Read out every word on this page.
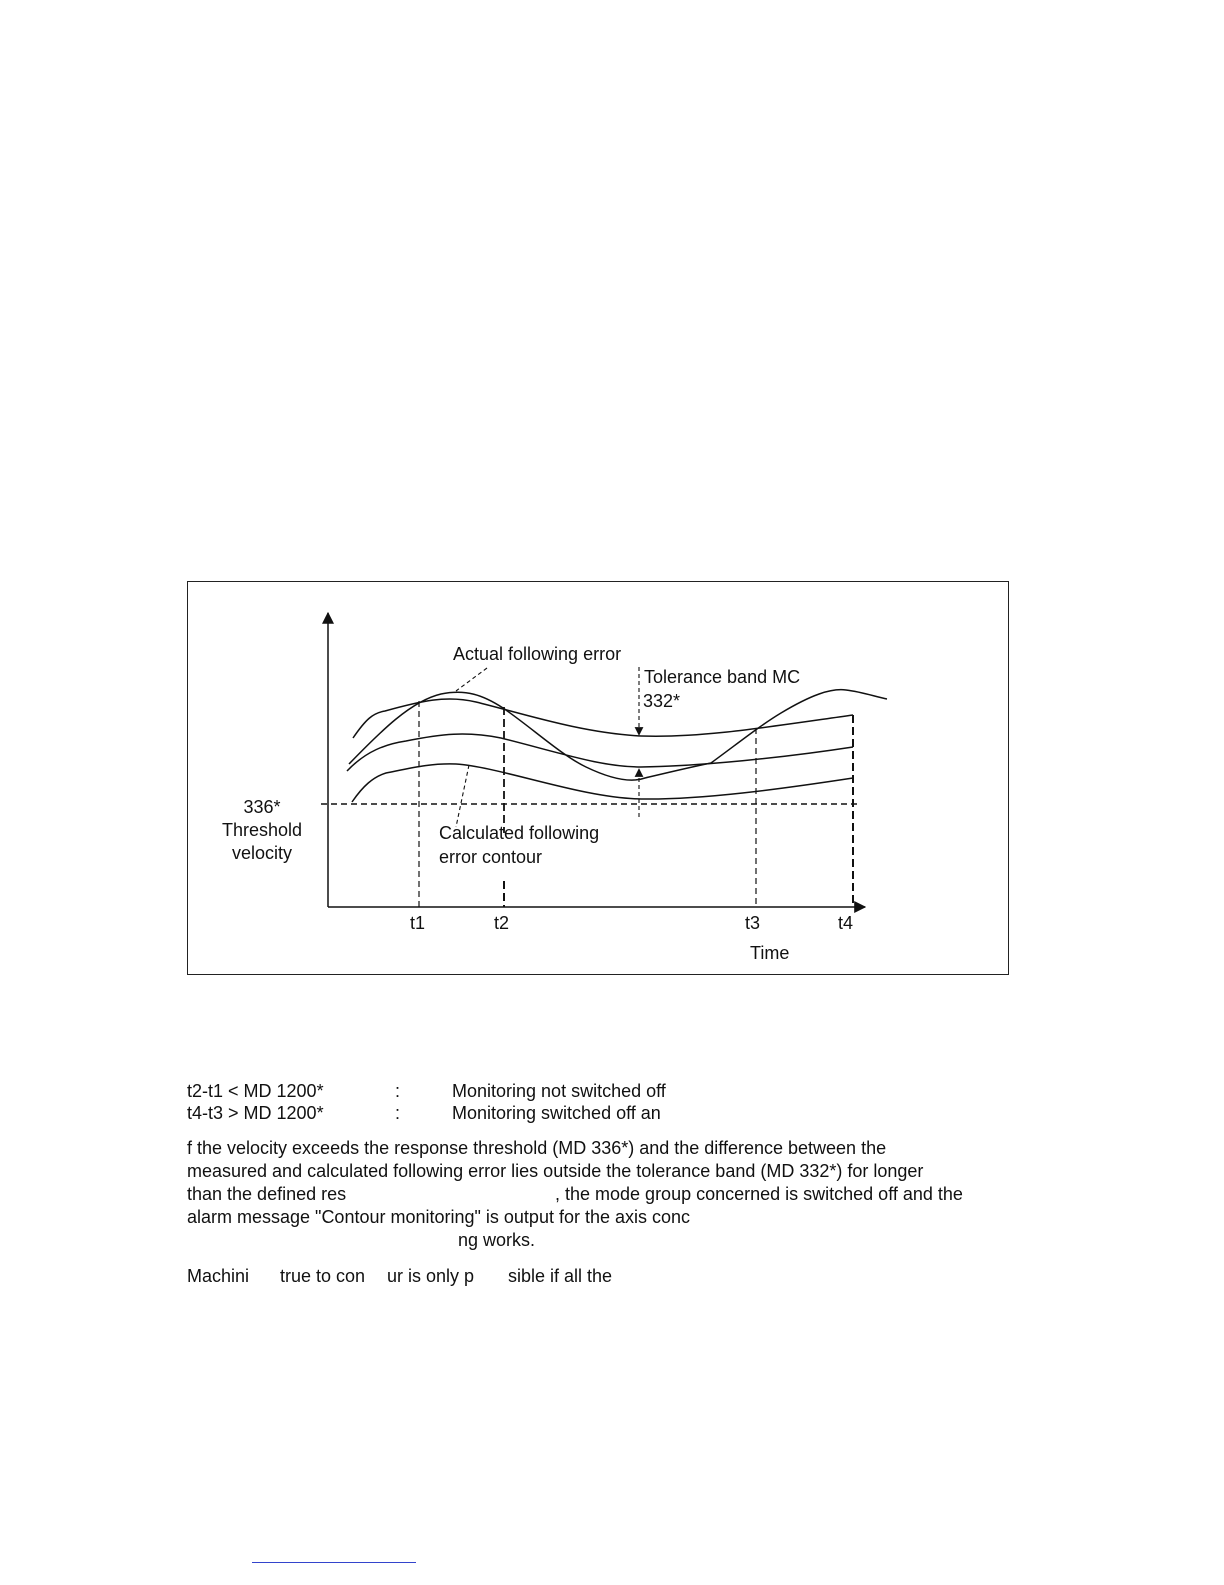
Actual following error
Tolerance band MC
332*
336*
Threshold
velocity
Calculated following
error contour
t1	t2	t3	t4
Time
t2-t1 < MD 1200*	:	Monitoring not switched off
t4-t3 > MD 1200*	:	Monitoring switched off an
f the velocity exceeds the response threshold (MD 336*) and the difference between the
measured and calculated following error lies outside the tolerance band (MD 332*) for longer
than the defined res	, the mode group concerned is switched off and the
alarm message "Contour monitoring" is output for the axis conc
ng works.
Machini true to con ur is only p sible if all the
